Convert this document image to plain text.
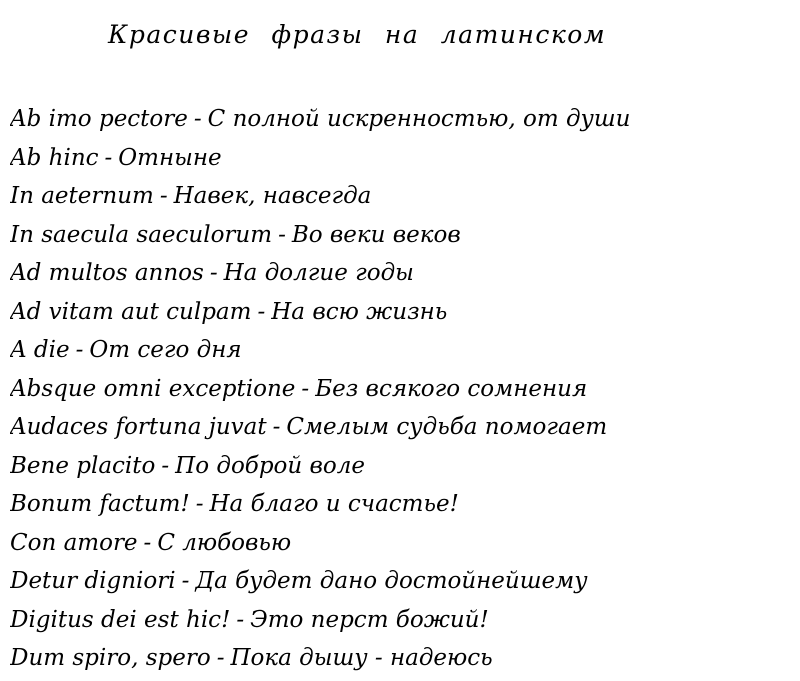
Красивые фразы на латинском
Ab imo pectore - С полной искренностью, от души
Ab hinc - Отныне
In aeternum - Навек, навсегда
In saecula saeculorum - Во веки веков
Ad multos annos - На долгие годы
Ad vitam aut culpam - На всю жизнь
A die - От сего дня
Absque omni exceptione - Без всякого сомнения
Audaces fortuna juvat - Смелым судьба помогает
Bene placito - По доброй воле
Bonum factum! - На благо и счастье!
Con amore - С любовью
Detur digniori - Да будет дано достойнейшему
Digitus dei est hic! - Это перст божий!
Dum spiro, spero - Пока дышу - надеюсь
